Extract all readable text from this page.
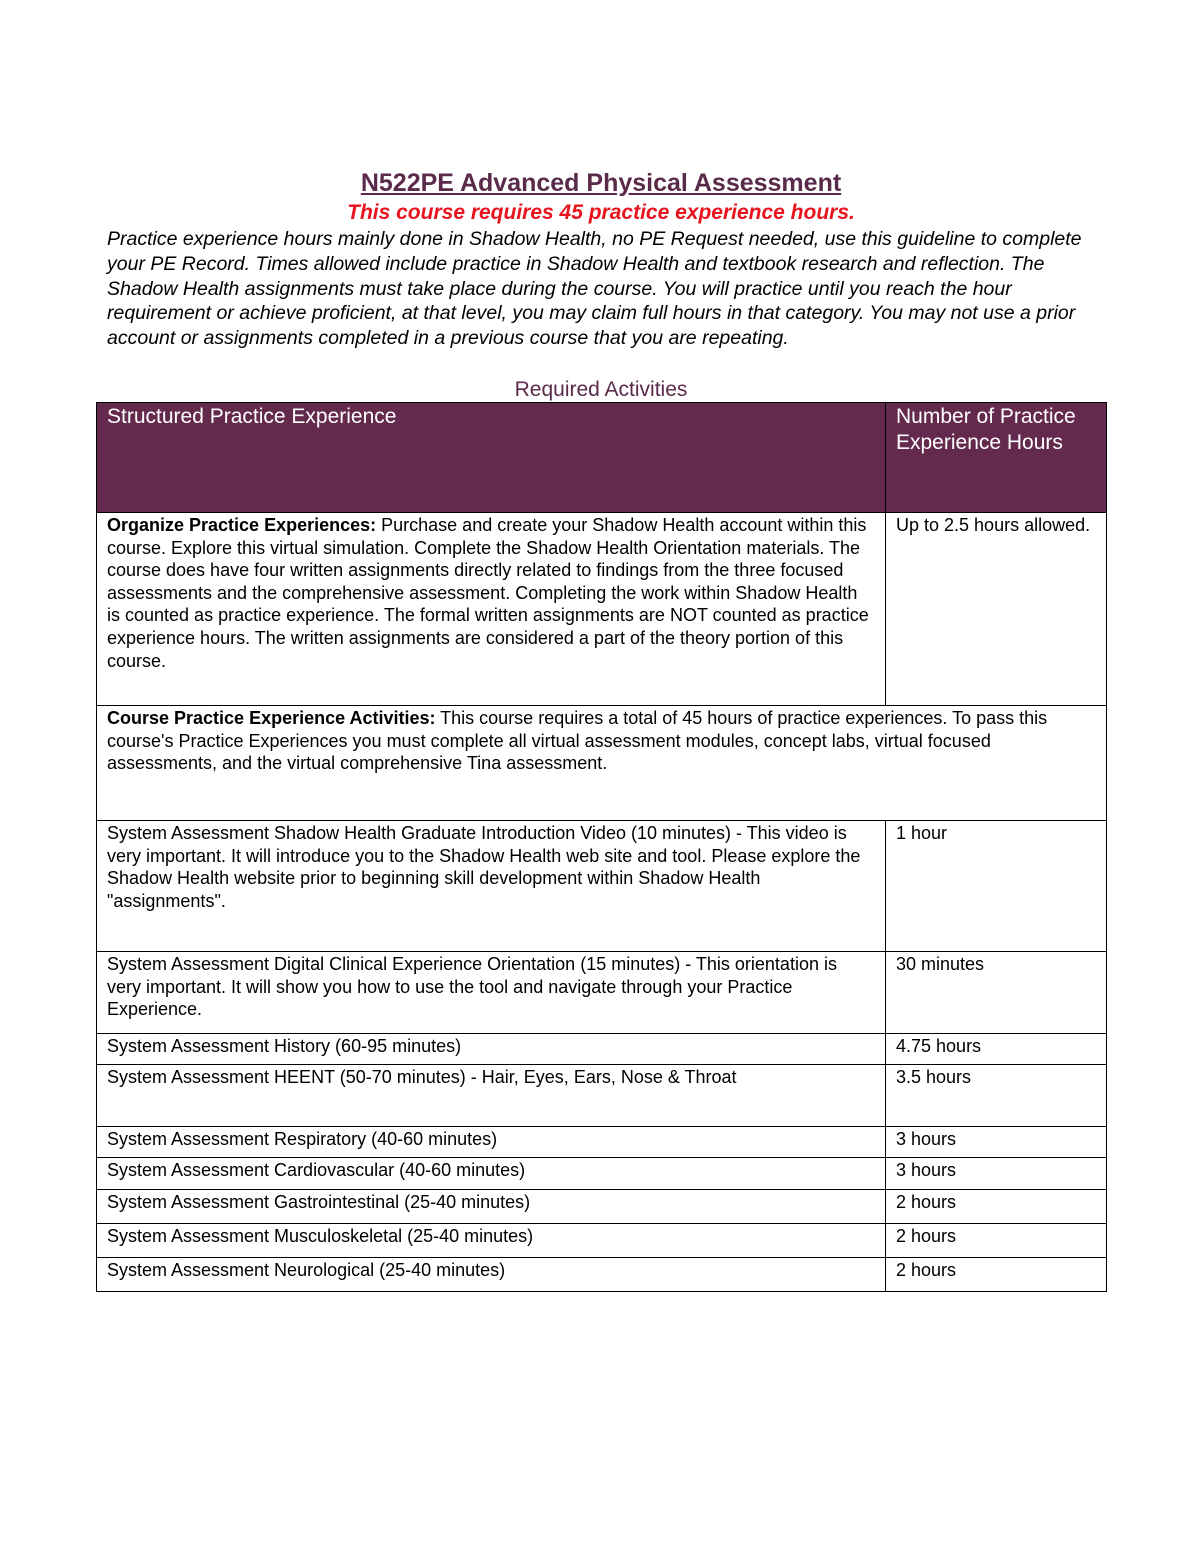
N522PE Advanced Physical Assessment
This course requires 45 practice experience hours.
Practice experience hours mainly done in Shadow Health, no PE Request needed, use this guideline to complete your PE Record. Times allowed include practice in Shadow Health and textbook research and reflection. The Shadow Health assignments must take place during the course. You will practice until you reach the hour requirement or achieve proficient, at that level, you may claim full hours in that category. You may not use a prior account or assignments completed in a previous course that you are repeating.
Required Activities
Structured Practice Experience	Number of Practice Experience Hours
Organize Practice Experiences: Purchase and create your Shadow Health account within this course. Explore this virtual simulation. Complete the Shadow Health Orientation materials. The course does have four written assignments directly related to findings from the three focused assessments and the comprehensive assessment. Completing the work within Shadow Health is counted as practice experience. The formal written assignments are NOT counted as practice experience hours. The written assignments are considered a part of the theory portion of this course.	Up to 2.5 hours allowed.
Course Practice Experience Activities: This course requires a total of 45 hours of practice experiences. To pass this course's Practice Experiences you must complete all virtual assessment modules, concept labs, virtual focused assessments, and the virtual comprehensive Tina assessment.	
System Assessment Shadow Health Graduate Introduction Video (10 minutes) - This video is very important. It will introduce you to the Shadow Health web site and tool. Please explore the Shadow Health website prior to beginning skill development within Shadow Health "assignments".	1 hour
System Assessment Digital Clinical Experience Orientation (15 minutes) - This orientation is very important. It will show you how to use the tool and navigate through your Practice Experience.	30 minutes
System Assessment History (60-95 minutes)	4.75 hours
System Assessment HEENT (50-70 minutes) - Hair, Eyes, Ears, Nose & Throat	3.5 hours
System Assessment Respiratory (40-60 minutes)	3 hours
System Assessment Cardiovascular (40-60 minutes)	3 hours
System Assessment Gastrointestinal (25-40 minutes)	2 hours
System Assessment Musculoskeletal (25-40 minutes)	2 hours
System Assessment Neurological (25-40 minutes)	2 hours
